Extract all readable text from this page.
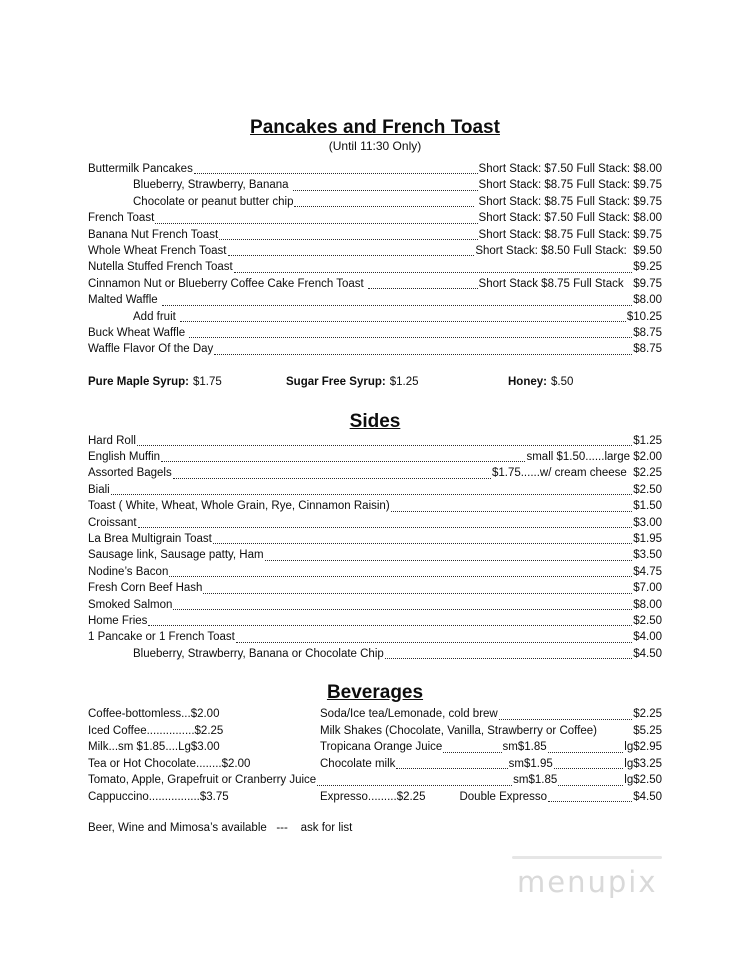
Pancakes and French Toast
(Until 11:30 Only)
Buttermilk Pancakes	Short Stack: $7.50 Full Stack: $8.00
Blueberry, Strawberry, Banana	Short Stack: $8.75 Full Stack: $9.75
Chocolate or peanut butter chip	Short Stack: $8.75 Full Stack: $9.75
French Toast	Short Stack: $7.50 Full Stack: $8.00
Banana Nut French Toast	Short Stack: $8.75 Full Stack: $9.75
Whole Wheat French Toast	Short Stack: $8.50 Full Stack:  $9.50
Nutella Stuffed French Toast	$9.25
Cinnamon Nut or Blueberry Coffee Cake French Toast	Short Stack $8.75 Full Stack   $9.75
Malted Waffle	$8.00
Add fruit	$10.25
Buck Wheat Waffle	$8.75
Waffle Flavor Of the Day	$8.75
Pure Maple Syrup: $1.75	Sugar Free Syrup: $1.25	Honey: $.50
Sides
Hard Roll	$1.25
English Muffin	small $1.50......large $2.00
Assorted Bagels	$1.75......w/ cream cheese  $2.25
Biali	$2.50
Toast ( White, Wheat, Whole Grain, Rye, Cinnamon Raisin)	$1.50
Croissant	$3.00
La Brea Multigrain Toast	$1.95
Sausage link, Sausage patty, Ham	$3.50
Nodine’s Bacon	$4.75
Fresh Corn Beef Hash	$7.00
Smoked Salmon	$8.00
Home Fries	$2.50
1 Pancake or 1 French Toast	$4.00
Blueberry, Strawberry, Banana or Chocolate Chip	$4.50
Beverages
Coffee-bottomless...$2.00	Soda/Ice tea/Lemonade, cold brew	$2.25
Iced Coffee...............$2.25	Milk Shakes (Chocolate, Vanilla, Strawberry or Coffee)	$5.25
Milk...sm $1.85....Lg$3.00	Tropicana Orange Juice	sm$1.85	lg$2.95
Tea or Hot Chocolate........$2.00	Chocolate milk	sm$1.95	lg$3.25
Tomato, Apple, Grapefruit or Cranberry Juice	sm$1.85	lg$2.50
Cappuccino................$3.75	Expresso.........$2.25	Double Expresso	$4.50
Beer, Wine and Mimosa’s available   ---    ask for list
menupix
